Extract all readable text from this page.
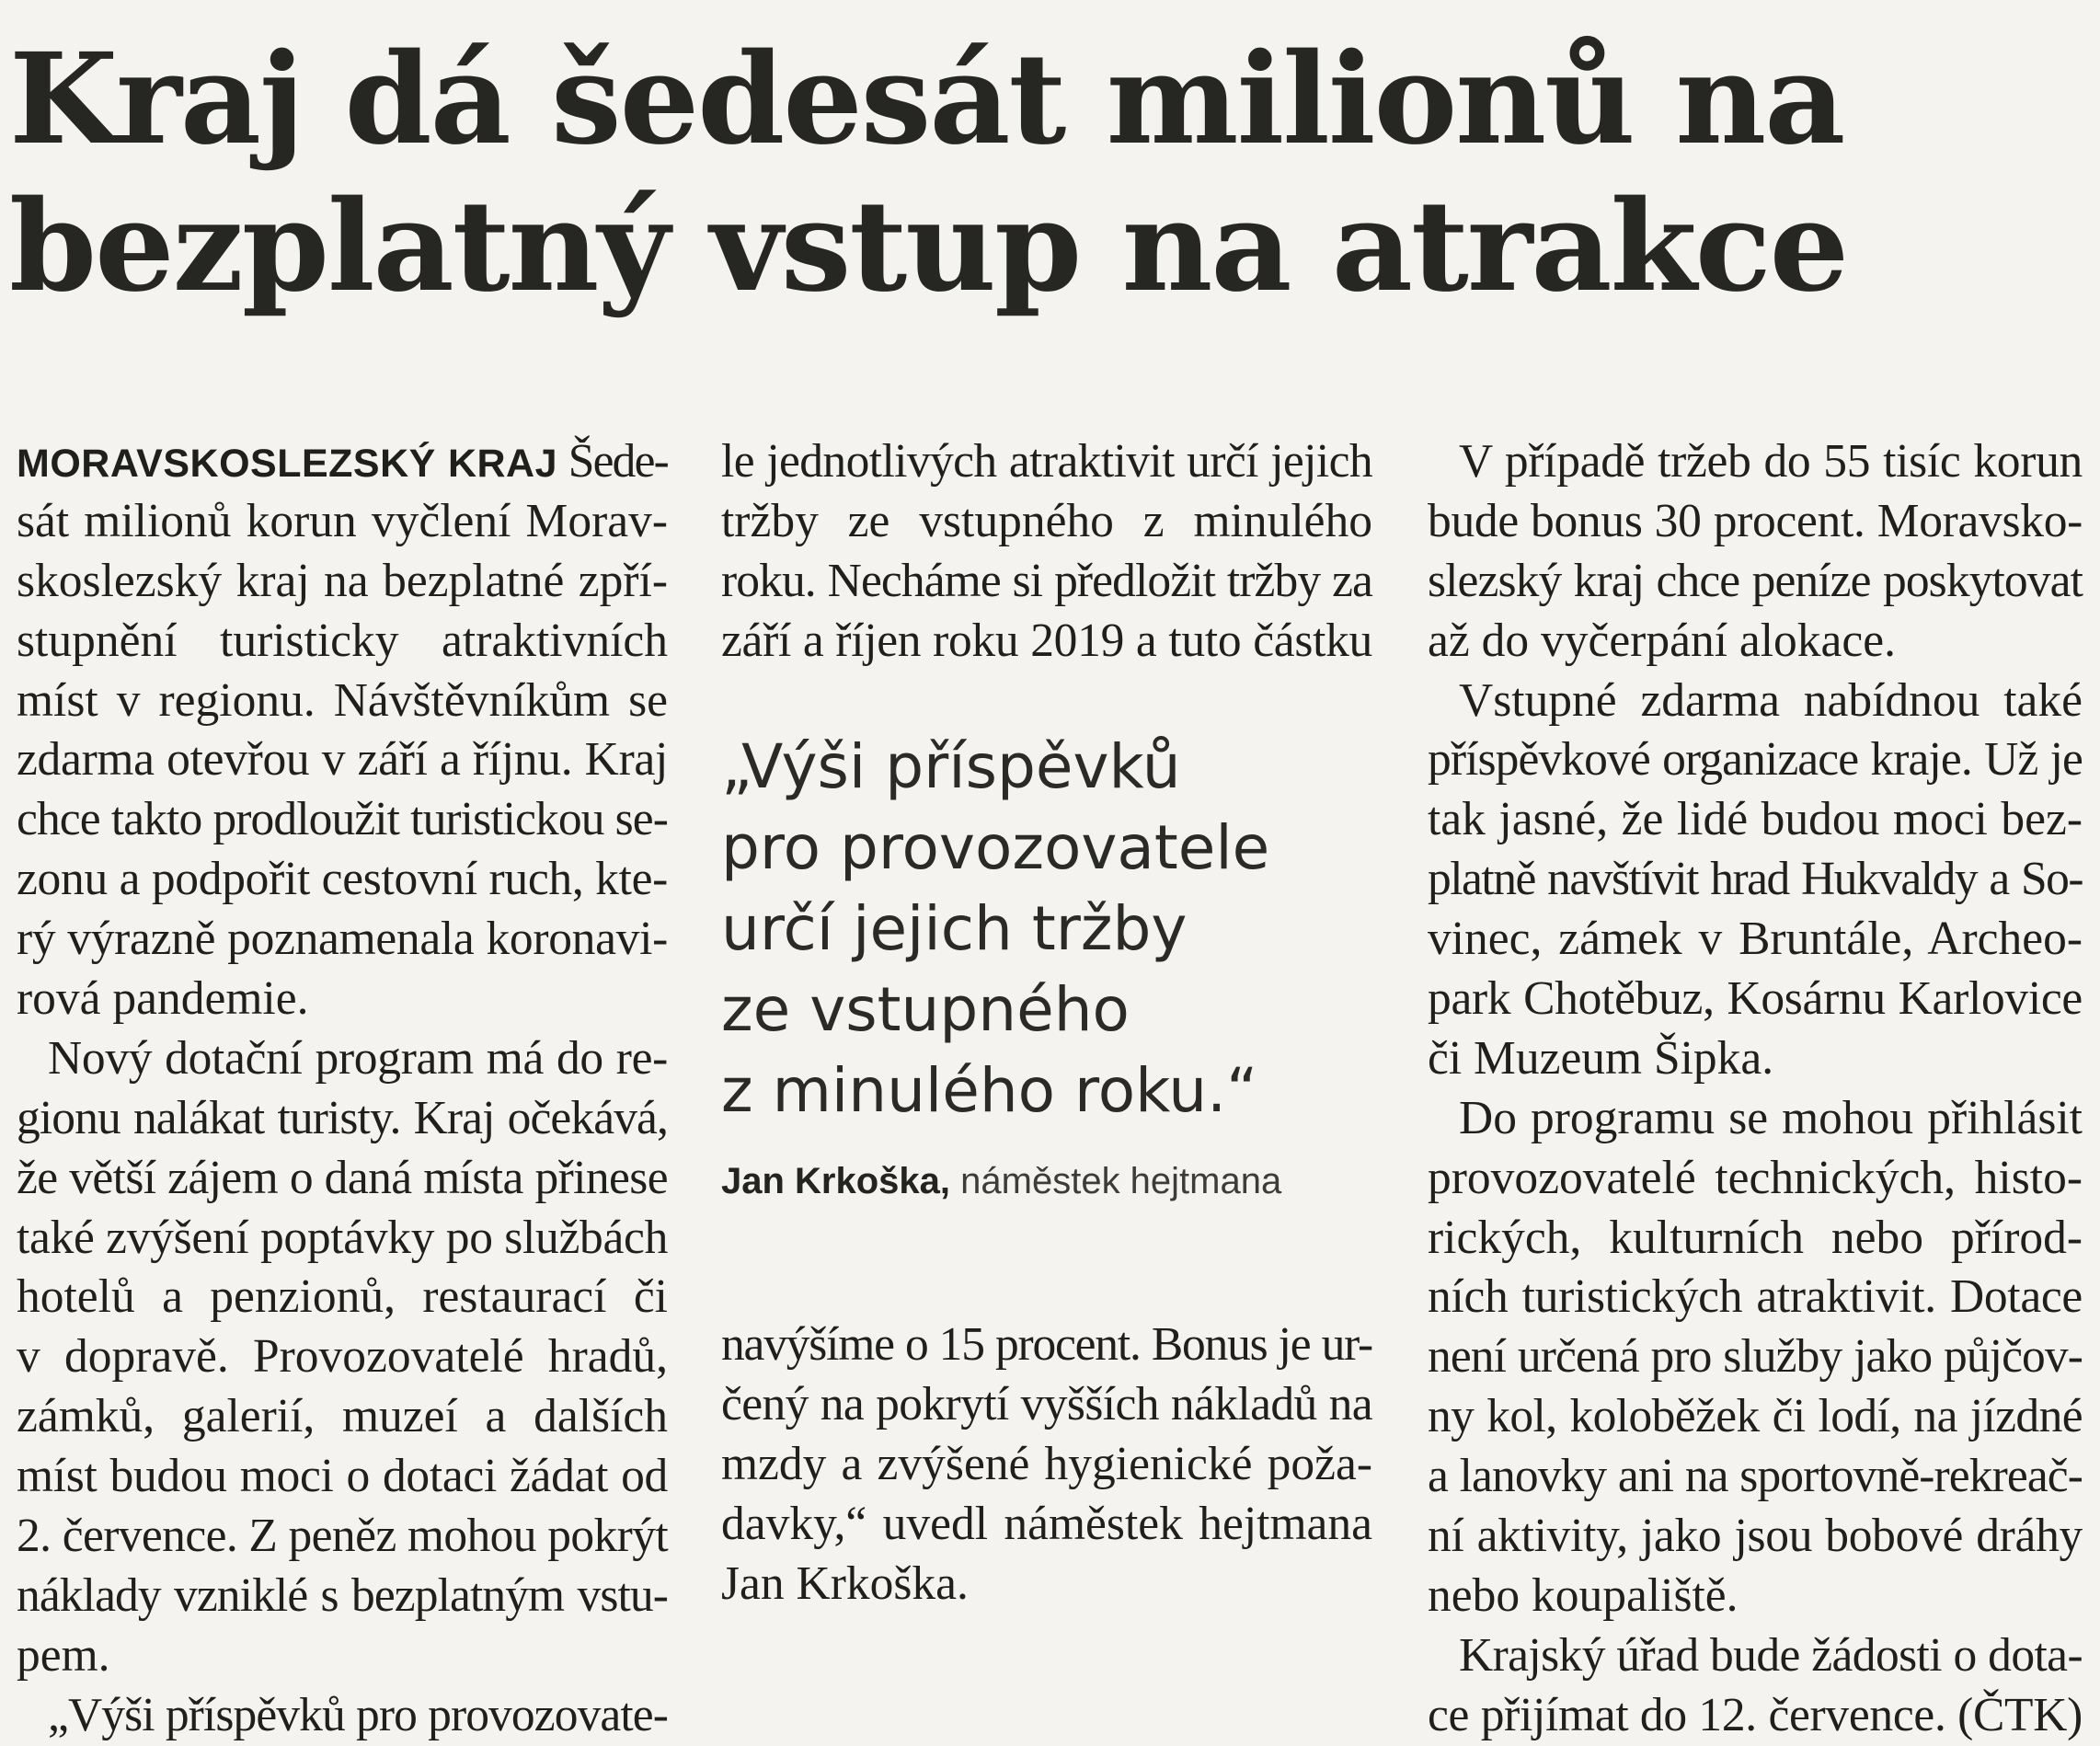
Kraj dá šedesát milionů na
bezplatný vstup na atrakce
MORAVSKOSLEZSKÝ KRAJ Šede-
sát milionů korun vyčlení Morav-
skoslezský kraj na bezplatné zpří-
stupnění turisticky atraktivních
míst v regionu. Návštěvníkům se
zdarma otevřou v září a říjnu. Kraj
chce takto prodloužit turistickou se-
zonu a podpořit cestovní ruch, kte-
rý výrazně poznamenala koronavi-
rová pandemie.
Nový dotační program má do re-
gionu nalákat turisty. Kraj očekává,
že větší zájem o daná místa přinese
také zvýšení poptávky po službách
hotelů a penzionů, restaurací či
v dopravě. Provozovatelé hradů,
zámků, galerií, muzeí a dalších
míst budou moci o dotaci žádat od
2. července. Z peněz mohou pokrýt
náklady vzniklé s bezplatným vstu-
pem.
„Výši příspěvků pro provozovate-
le jednotlivých atraktivit určí jejich
tržby ze vstupného z minulého
roku. Necháme si předložit tržby za
září a říjen roku 2019 a tuto částku
„Výši příspěvků
pro provozovatele
určí jejich tržby
ze vstupného
z minulého roku.“
Jan Krkoška, náměstek hejtmana
navýšíme o 15 procent. Bonus je ur-
čený na pokrytí vyšších nákladů na
mzdy a zvýšené hygienické poža-
davky,“ uvedl náměstek hejtmana
Jan Krkoška.
V případě tržeb do 55 tisíc korun
bude bonus 30 procent. Moravsko-
slezský kraj chce peníze poskytovat
až do vyčerpání alokace.
Vstupné zdarma nabídnou také
příspěvkové organizace kraje. Už je
tak jasné, že lidé budou moci bez-
platně navštívit hrad Hukvaldy a So-
vinec, zámek v Bruntále, Archeo-
park Chotěbuz, Kosárnu Karlovice
či Muzeum Šipka.
Do programu se mohou přihlásit
provozovatelé technických, histo-
rických, kulturních nebo přírod-
ních turistických atraktivit. Dotace
není určená pro služby jako půjčov-
ny kol, koloběžek či lodí, na jízdné
a lanovky ani na sportovně-rekreač-
ní aktivity, jako jsou bobové dráhy
nebo koupaliště.
Krajský úřad bude žádosti o dota-
ce přijímat do 12. července. (ČTK)
